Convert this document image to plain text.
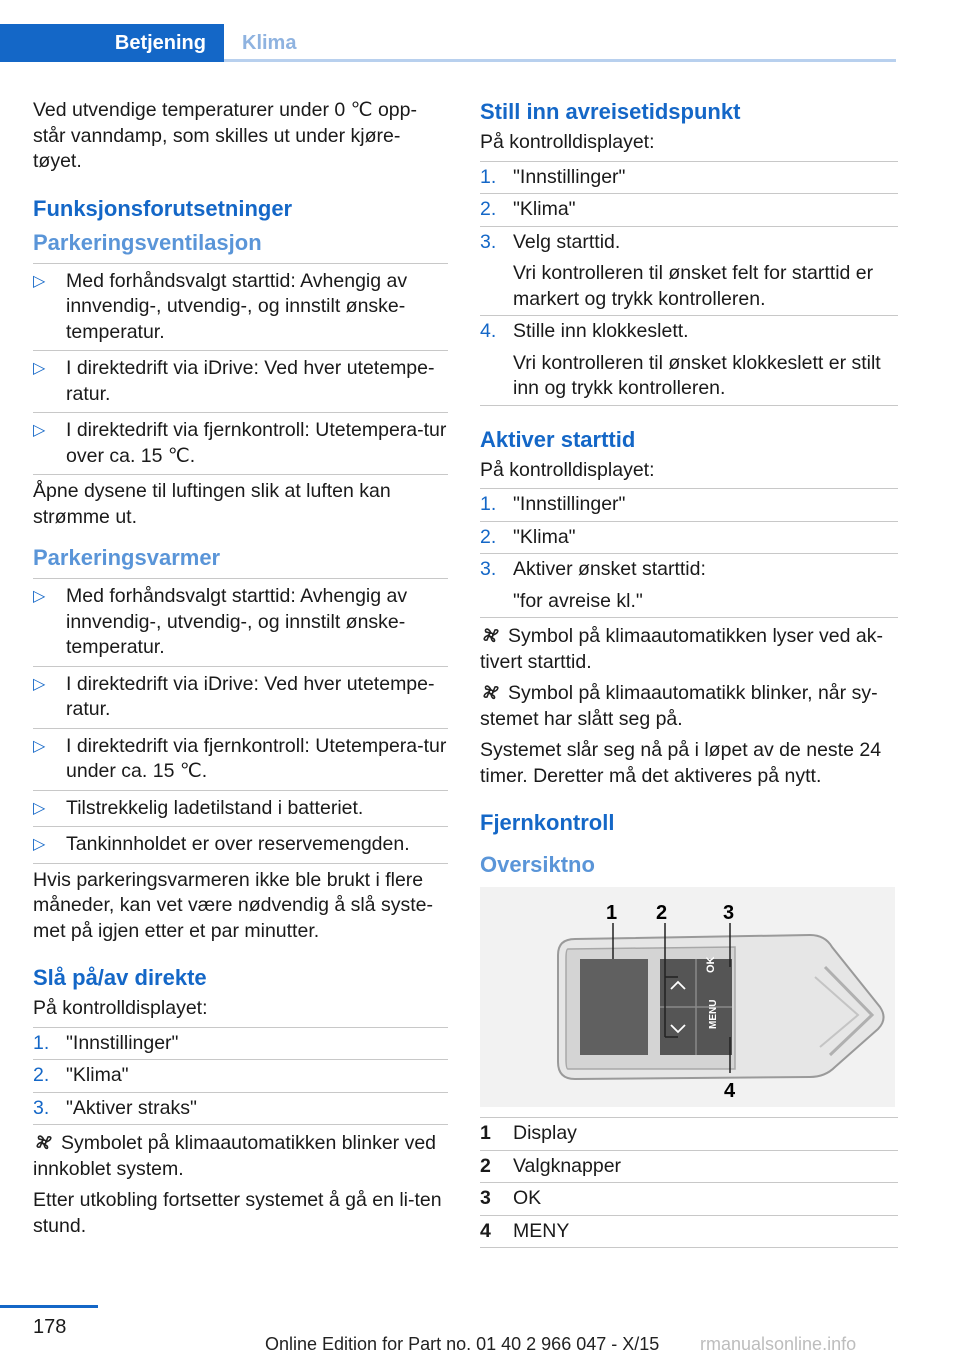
Betjening	Klima

Ved utvendige temperaturer under 0 ℃ opp-står vanndamp, som skilles ut under kjøre-tøyet.

Funksjonsforutsetninger
Parkeringsventilasjon
▷ Med forhåndsvalgt starttid: Avhengig av innvendig-, utvendig-, og innstilt ønske-temperatur.
▷ I direktedrift via iDrive: Ved hver utetempe-ratur.
▷ I direktedrift via fjernkontroll: Utetempera-tur over ca. 15 ℃.

Åpne dysene til luftingen slik at luften kan strømme ut.

Parkeringsvarmer
▷ Med forhåndsvalgt starttid: Avhengig av innvendig-, utvendig-, og innstilt ønske-temperatur.
▷ I direktedrift via iDrive: Ved hver utetempe-ratur.
▷ I direktedrift via fjernkontroll: Utetempera-tur under ca. 15 ℃.
▷ Tilstrekkelig ladetilstand i batteriet.
▷ Tankinnholdet er over reservemengden.

Hvis parkeringsvarmeren ikke ble brukt i flere måneder, kan vet være nødvendig å slå syste-met på igjen etter et par minutter.

Slå på/av direkte

På kontrolldisplayet:

1. "Innstillinger"
2. "Klima"
3. "Aktiver straks"

Symbolet på klimaautomatikken blinker ved innkoblet system.

Etter utkobling fortsetter systemet å gå en li-ten stund.

Still inn avreisetidspunkt

På kontrolldisplayet:

1. "Innstillinger"
2. "Klima"
3. Velg starttid.
Vri kontrolleren til ønsket felt for starttid er markert og trykk kontrolleren.
4. Stille inn klokkeslett.
Vri kontrolleren til ønsket klokkeslett er stilt inn og trykk kontrolleren.
Aktiver starttid

På kontrolldisplayet:

1. "Innstillinger"
2. "Klima"
3. Aktiver ønsket starttid:
"for avreise kl."

Symbol på klimaautomatikken lyser ved ak-tivert starttid.

Symbol på klimaautomatikk blinker, når sy-stemet har slått seg på.

Systemet slår seg nå på i løpet av de neste 24 timer. Deretter må det aktiveres på nytt.

Fjernkontroll
Oversiktno
OK
MENU
1 2	3
4
1 Display
2 Valgknapper
3 OK
4 MENY
178
Online Edition for Part no. 01 40 2 966 047 - X/15 rmanualsonline.info
